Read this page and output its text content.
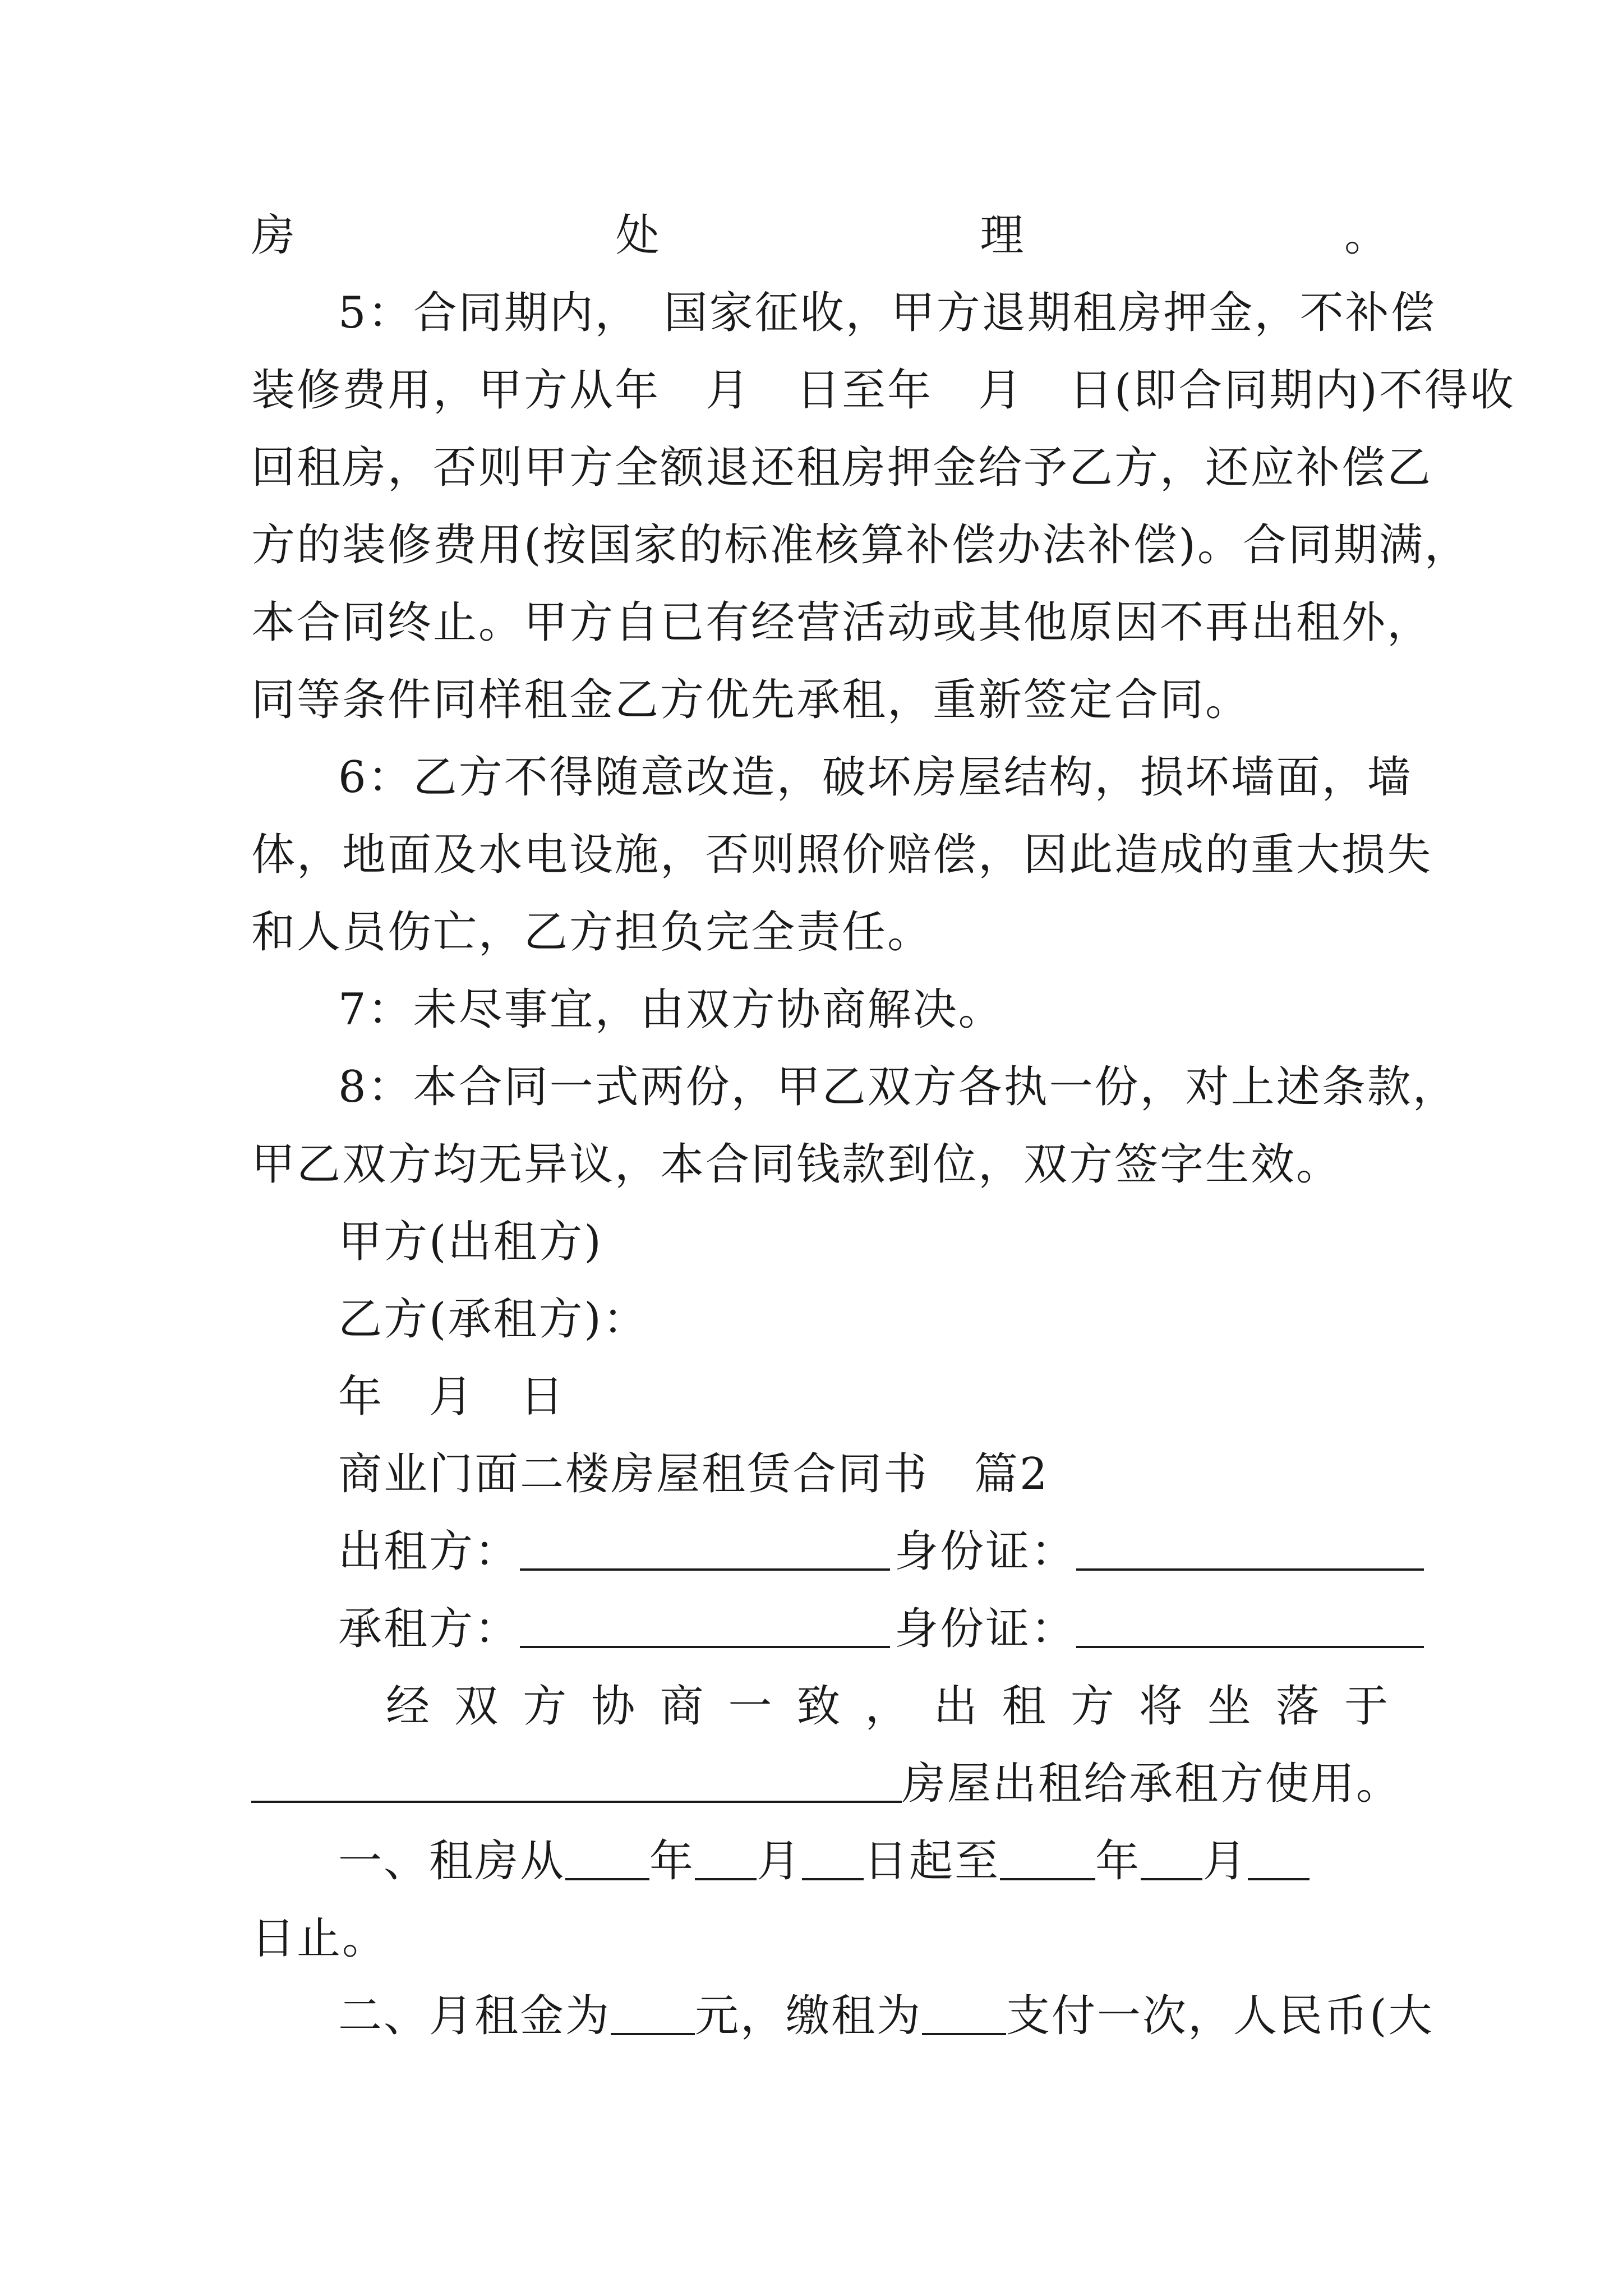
房处理。
5：合同期内，　国家征收，甲方退期租房押金，不补偿
装修费用，甲方从年　月　日至年　月　日(即合同期内)不得收
回租房，否则甲方全额退还租房押金给予乙方，还应补偿乙
方的装修费用(按国家的标准核算补偿办法补偿)。合同期满，
本合同终止。甲方自已有经营活动或其他原因不再出租外，
同等条件同样租金乙方优先承租，重新签定合同。
6：乙方不得随意改造，破坏房屋结构，损坏墙面，墙
体，地面及水电设施，否则照价赔偿，因此造成的重大损失
和人员伤亡，乙方担负完全责任。
7：未尽事宜，由双方协商解决。
8：本合同一式两份，甲乙双方各执一份，对上述条款，
甲乙双方均无异议，本合同钱款到位，双方签字生效。
甲方(出租方)
乙方(承租方)：
年　月　日
商业门面二楼房屋租赁合同书　篇2
出租方：	身份证：
承租方：	身份证：
经双方协商一致，出租方将坐落于
房屋出租给承租方使用。
一、租房从 年 月 日起至 年 月
日止。
二、月租金为 元，缴租为 支付一次，人民币(大
